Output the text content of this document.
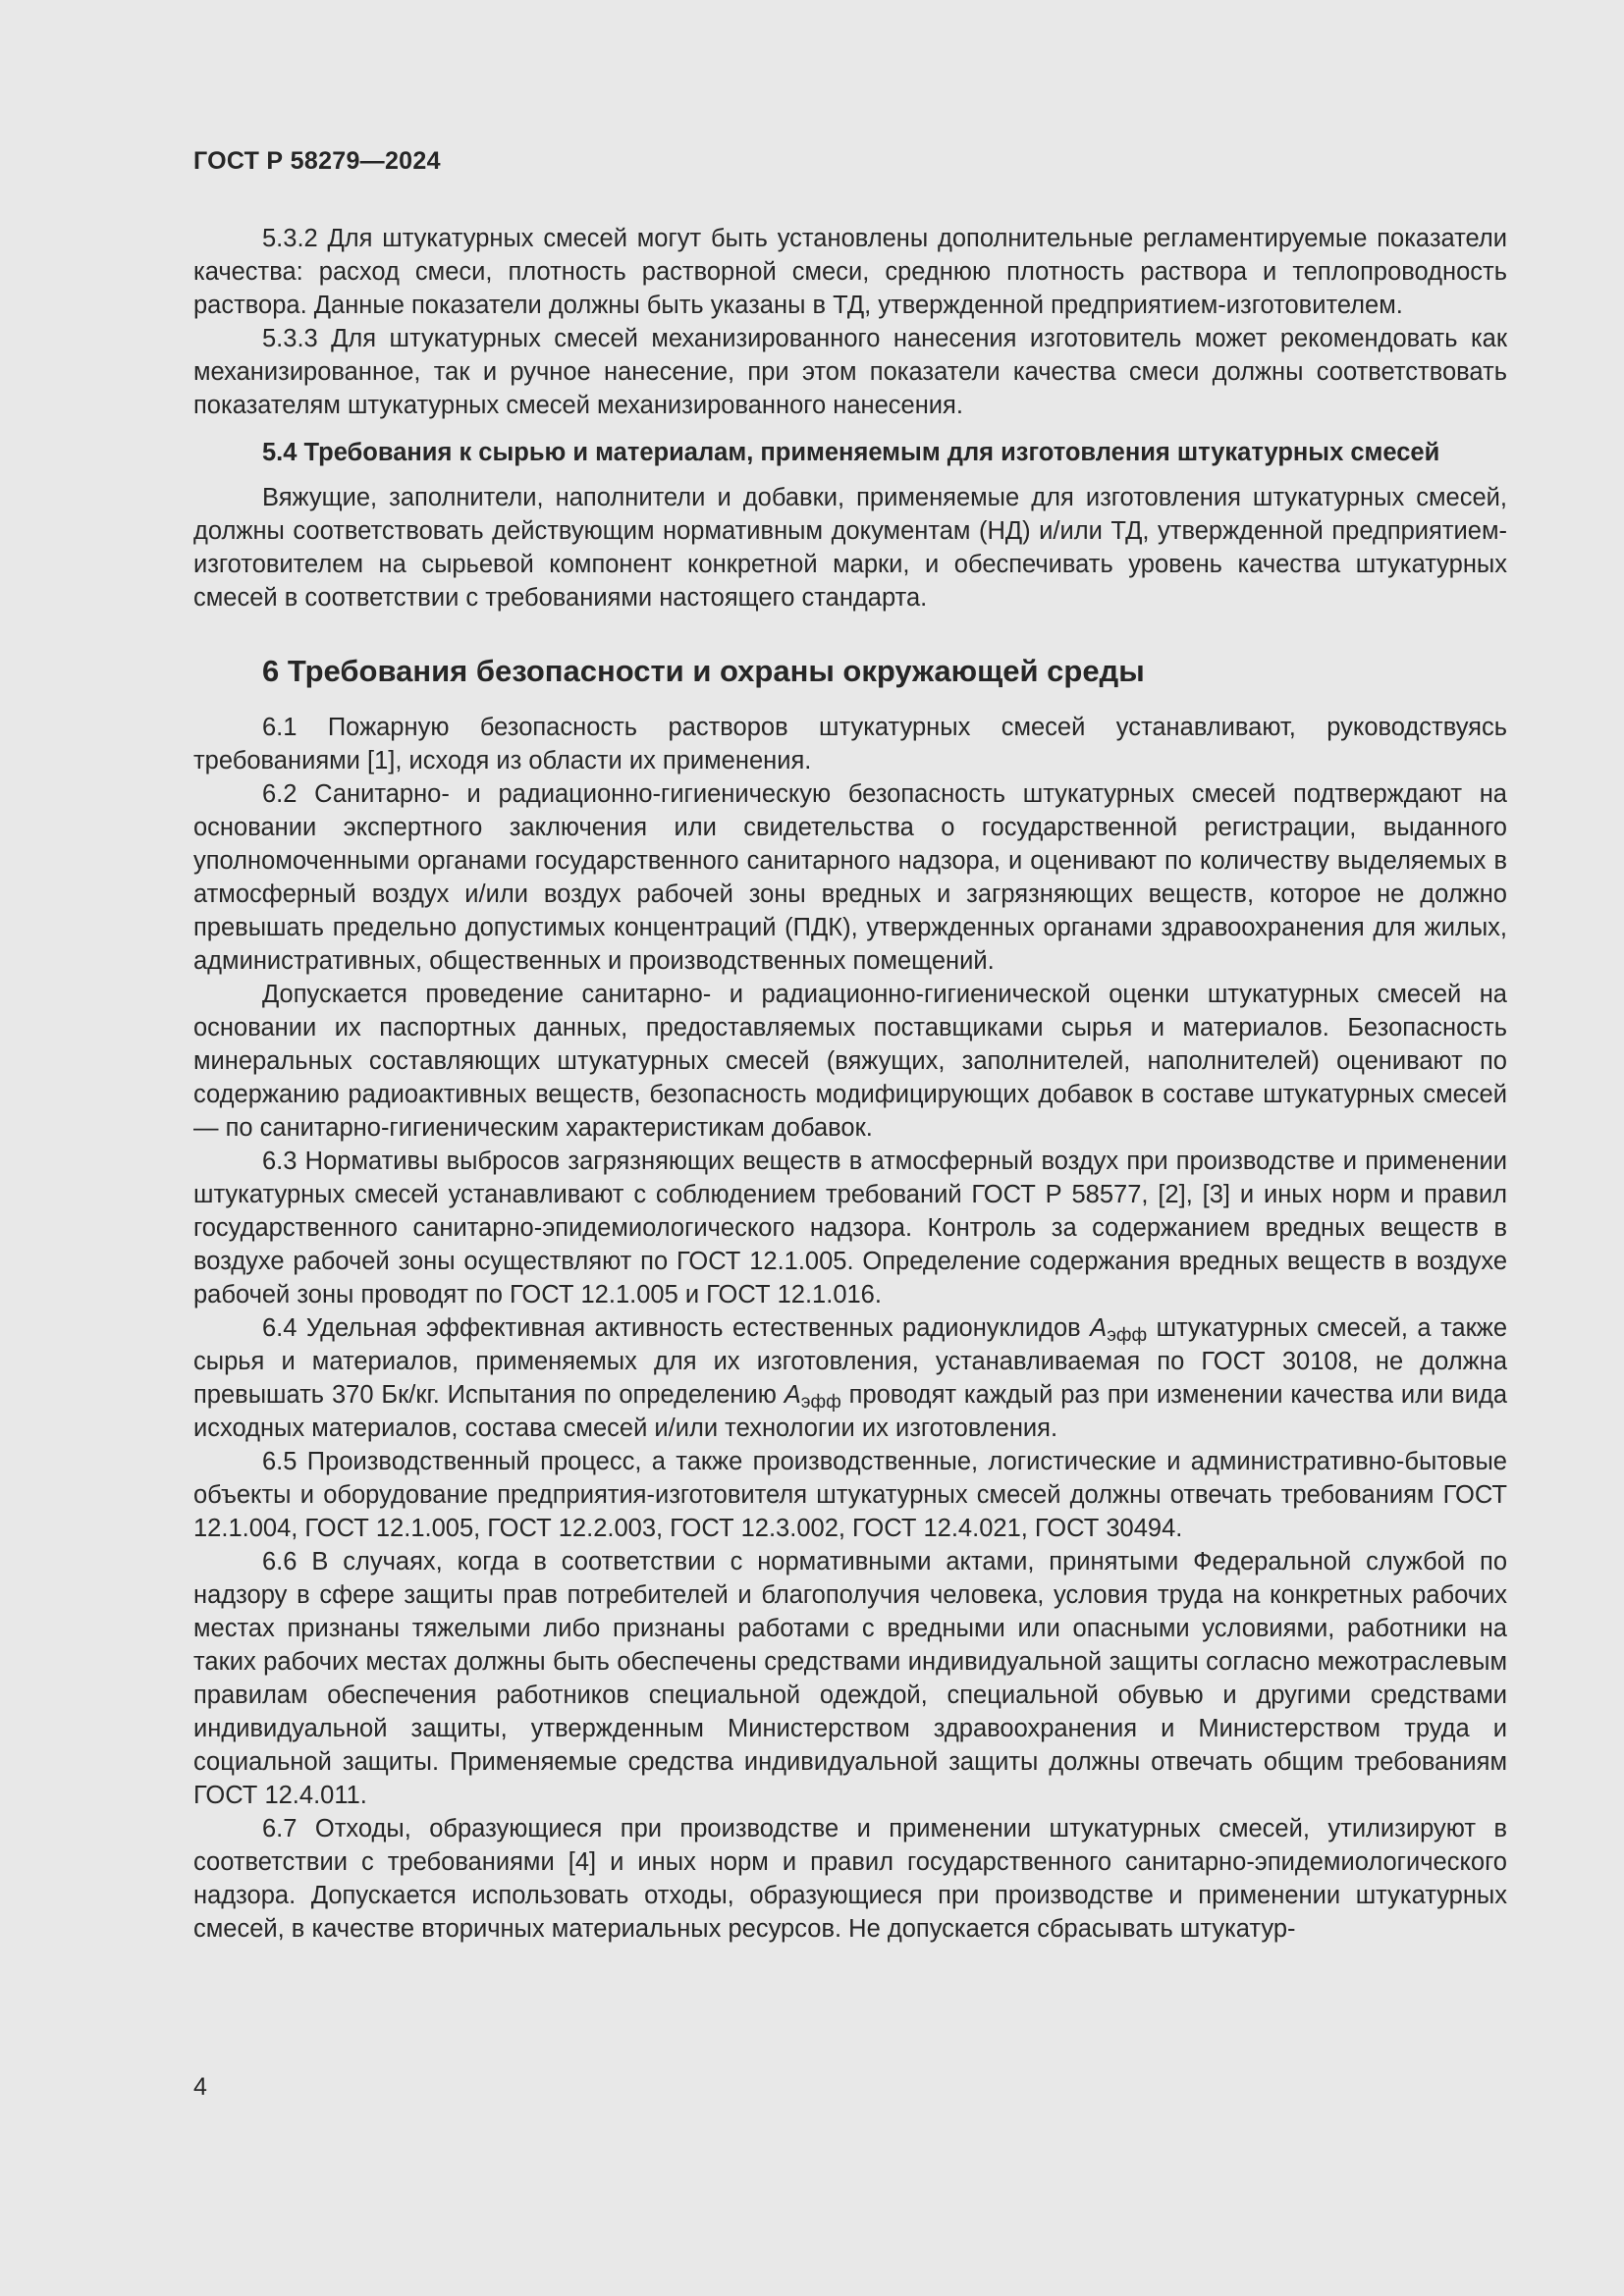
ГОСТ Р 58279—2024

5.3.2 Для штукатурных смесей могут быть установлены дополнительные регламентируемые показатели качества: расход смеси, плотность растворной смеси, среднюю плотность раствора и теплопроводность раствора. Данные показатели должны быть указаны в ТД, утвержденной предприятием-изготовителем.

5.3.3 Для штукатурных смесей механизированного нанесения изготовитель может рекомендовать как механизированное, так и ручное нанесение, при этом показатели качества смеси должны соответствовать показателям штукатурных смесей механизированного нанесения.

5.4 Требования к сырью и материалам, применяемым для изготовления штукатурных смесей

Вяжущие, заполнители, наполнители и добавки, применяемые для изготовления штукатурных смесей, должны соответствовать действующим нормативным документам (НД) и/или ТД, утвержденной предприятием-изготовителем на сырьевой компонент конкретной марки, и обеспечивать уровень качества штукатурных смесей в соответствии с требованиями настоящего стандарта.

6 Требования безопасности и охраны окружающей среды

6.1 Пожарную безопасность растворов штукатурных смесей устанавливают, руководствуясь требованиями [1], исходя из области их применения.

6.2 Санитарно- и радиационно-гигиеническую безопасность штукатурных смесей подтверждают на основании экспертного заключения или свидетельства о государственной регистрации, выданного уполномоченными органами государственного санитарного надзора, и оценивают по количеству выделяемых в атмосферный воздух и/или воздух рабочей зоны вредных и загрязняющих веществ, которое не должно превышать предельно допустимых концентраций (ПДК), утвержденных органами здравоохранения для жилых, административных, общественных и производственных помещений.

Допускается проведение санитарно- и радиационно-гигиенической оценки штукатурных смесей на основании их паспортных данных, предоставляемых поставщиками сырья и материалов. Безопасность минеральных составляющих штукатурных смесей (вяжущих, заполнителей, наполнителей) оценивают по содержанию радиоактивных веществ, безопасность модифицирующих добавок в составе штукатурных смесей — по санитарно-гигиеническим характеристикам добавок.

6.3 Нормативы выбросов загрязняющих веществ в атмосферный воздух при производстве и применении штукатурных смесей устанавливают с соблюдением требований ГОСТ Р 58577, [2], [3] и иных норм и правил государственного санитарно-эпидемиологического надзора. Контроль за содержанием вредных веществ в воздухе рабочей зоны осуществляют по ГОСТ 12.1.005. Определение содержания вредных веществ в воздухе рабочей зоны проводят по ГОСТ 12.1.005 и ГОСТ 12.1.016.

6.4 Удельная эффективная активность естественных радионуклидов $A_{эфф}$ штукатурных смесей, а также сырья и материалов, применяемых для их изготовления, устанавливаемая по ГОСТ 30108, не должна превышать 370 Бк/кг. Испытания по определению $A_{эфф}$ проводят каждый раз при изменении качества или вида исходных материалов, состава смесей и/или технологии их изготовления.

6.5 Производственный процесс, а также производственные, логистические и административно-бытовые объекты и оборудование предприятия-изготовителя штукатурных смесей должны отвечать требованиям ГОСТ 12.1.004, ГОСТ 12.1.005, ГОСТ 12.2.003, ГОСТ 12.3.002, ГОСТ 12.4.021, ГОСТ 30494.

6.6 В случаях, когда в соответствии с нормативными актами, принятыми Федеральной службой по надзору в сфере защиты прав потребителей и благополучия человека, условия труда на конкретных рабочих местах признаны тяжелыми либо признаны работами с вредными или опасными условиями, работники на таких рабочих местах должны быть обеспечены средствами индивидуальной защиты согласно межотраслевым правилам обеспечения работников специальной одеждой, специальной обувью и другими средствами индивидуальной защиты, утвержденным Министерством здравоохранения и Министерством труда и социальной защиты. Применяемые средства индивидуальной защиты должны отвечать общим требованиям ГОСТ 12.4.011.

6.7 Отходы, образующиеся при производстве и применении штукатурных смесей, утилизируют в соответствии с требованиями [4] и иных норм и правил государственного санитарно-эпидемиологического надзора. Допускается использовать отходы, образующиеся при производстве и применении штукатурных смесей, в качестве вторичных материальных ресурсов. Не допускается сбрасывать штукатур-

4
